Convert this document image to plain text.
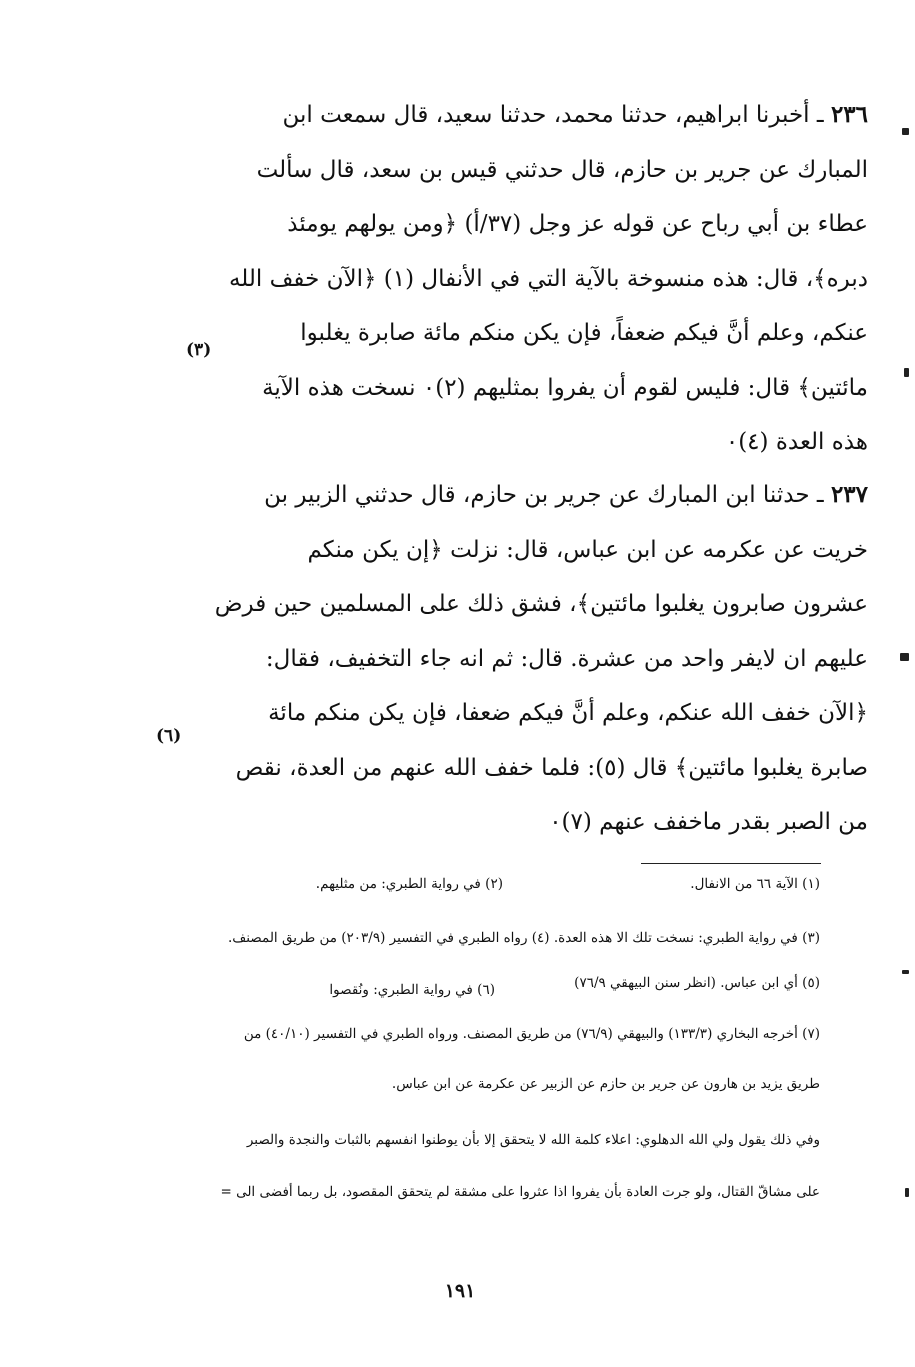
٢٣٦ ـ أخبرنا ابراهيم، حدثنا محمد، حدثنا سعيد، قال سمعت ابن
المبارك عن جرير بن حازم، قال حدثني قيس بن سعد، قال سألت
عطاء بن أبي رباح عن قوله عز وجل (٣٧/أ) ﴿ومن يولهم يومئذ
دبره﴾، قال: هذه منسوخة بالآية التي في الأنفال (١) ﴿الآن خفف الله
عنكم، وعلم أنَّ فيكم ضعفاً، فإن يكن منكم مائة صابرة يغلبوا
مائتين﴾ قال: فليس لقوم أن يفروا بمثليهم (٢)٠ نسخت هذه الآية
هذه العدة (٤)٠
(٣)
٢٣٧ ـ حدثنا ابن المبارك عن جرير بن حازم، قال حدثني الزبير بن
خريت عن عكرمه عن ابن عباس، قال: نزلت ﴿إن يكن منكم
عشرون صابرون يغلبوا مائتين﴾، فشق ذلك على المسلمين حين فرض
عليهم ان لايفر واحد من عشرة. قال: ثم انه جاء التخفيف، فقال:
﴿الآن خفف الله عنكم، وعلم أنَّ فيكم ضعفا، فإن يكن منكم مائة
صابرة يغلبوا مائتين﴾ قال (٥): فلما خفف الله عنهم من العدة، نقص
من الصبر بقدر ماخفف عنهم (٧)٠
(٦)
(١) الآية ٦٦ من الانفال.
(٢) في رواية الطبري: من مثليهم.
(٣) في رواية الطبري: نسخت تلك الا هذه العدة. (٤) رواه الطبري في التفسير (٢٠٣/٩) من طريق المصنف.
(٥) أي ابن عباس. (انظر سنن البيهقي ٧٦/٩)
(٦) في رواية الطبري: ونُقصوا
(٧) أخرجه البخاري (١٣٣/٣) والبيهقي (٧٦/٩) من طريق المصنف. ورواه الطبري في التفسير (٤٠/١٠) من
طريق يزيد بن هارون عن جرير بن حازم عن الزبير عن عكرمة عن ابن عباس.
وفي ذلك يقول ولي الله الدهلوي: اعلاء كلمة الله لا يتحقق إلا بأن يوطنوا انفسهم بالثبات والنجدة والصبر
على مشاقّ القتال، ولو جرت العادة بأن يفروا اذا عثروا على مشقة لم يتحقق المقصود، بل ربما أفضى الى =
١٩١
